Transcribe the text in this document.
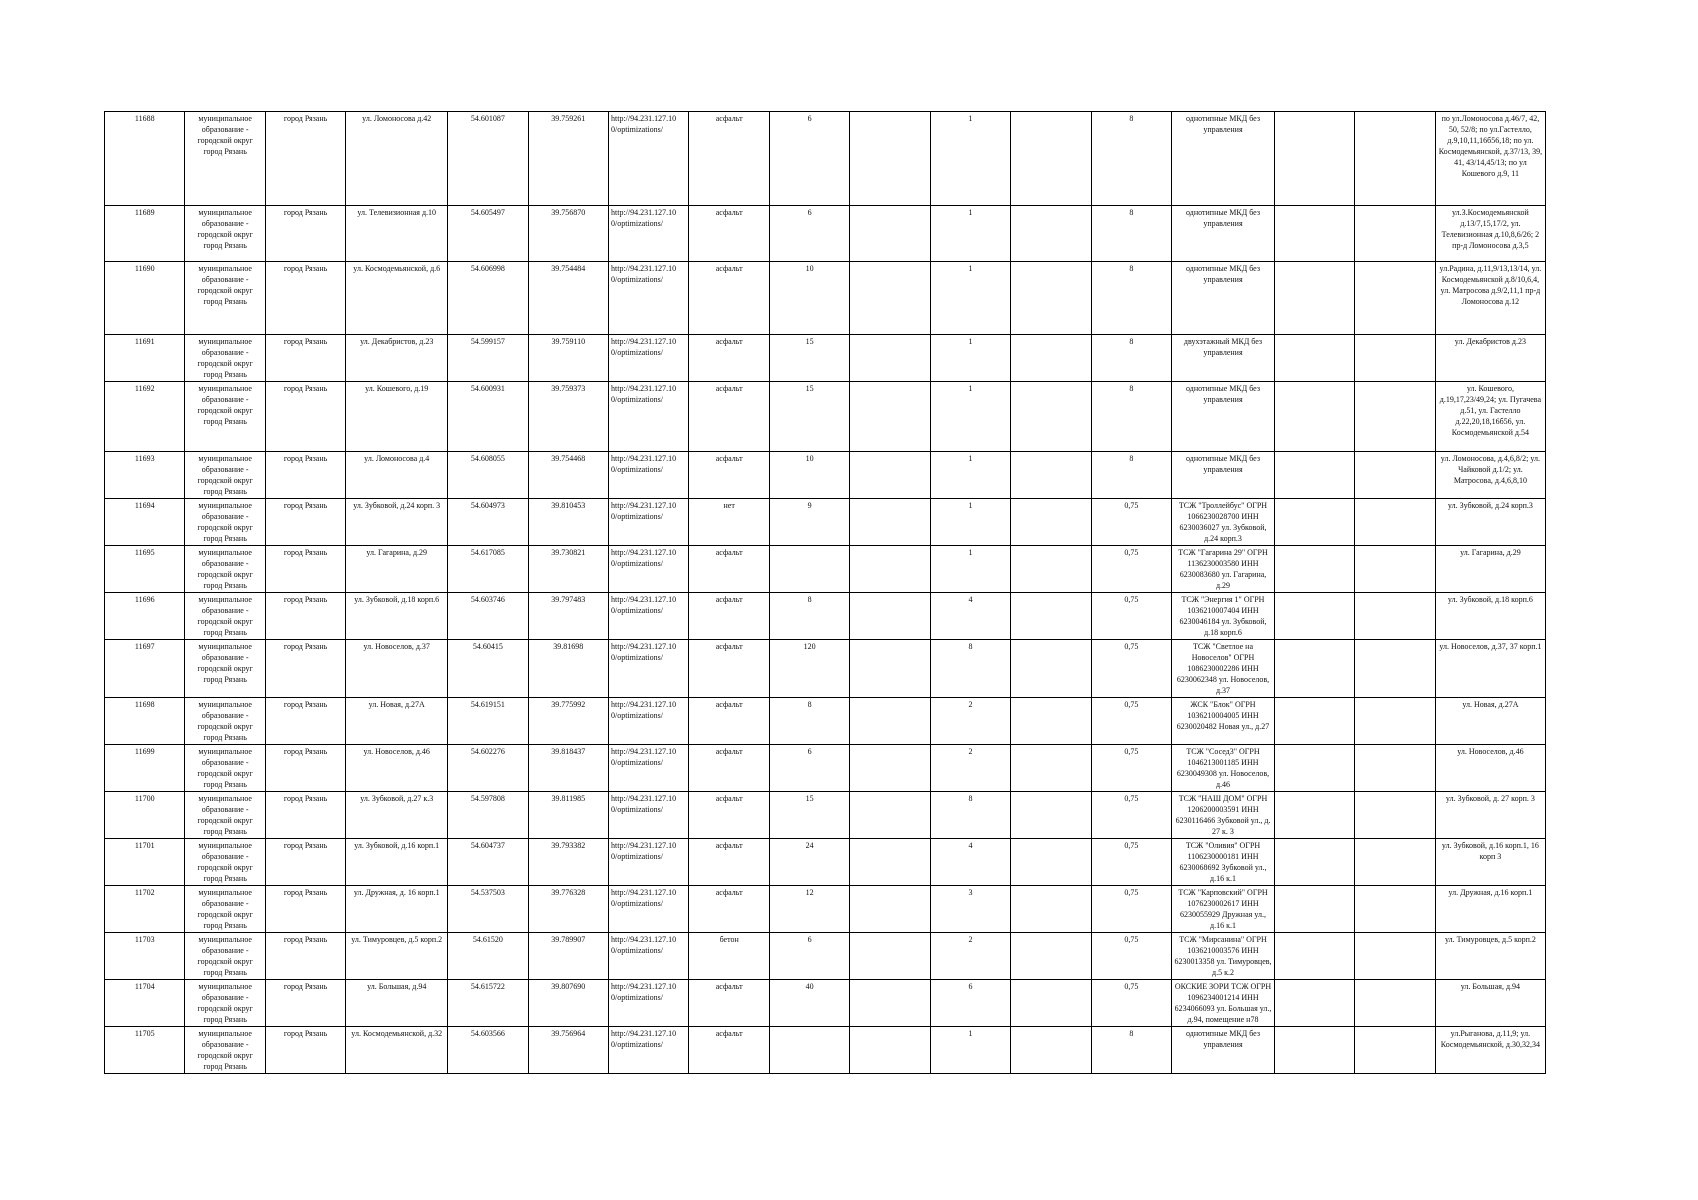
11688	муниципальное образование - городской округ город Рязань	город Рязань	ул. Ломоносова д.42	54.601087	39.759261	http://94.231.127.10 0/optimizations/	асфальт	6		1		8	однотипные МКД без управления			по ул.Ломоносова д.46/7, 42, 50, 52/8; по ул.Гастелло, д.9,10,11,16б56,18; по ул. Космодемьянской, д.37/13, 39, 41, 43/14,45/13; по ул Кошевого д.9, 11
11689	муниципальное образование - городской округ город Рязань	город Рязань	ул. Телевизионная д.10	54.605497	39.756870	http://94.231.127.10 0/optimizations/	асфальт	6		1		8	однотипные МКД без управления			ул.З.Космодемьянской д.13/7,15,17/2, ул. Телевизионная д.10,8,6/26; 2 пр-д Ломоносова д.3,5
11690	муниципальное образование - городской округ город Рязань	город Рязань	ул. Космодемьянской, д.6	54.606998	39.754484	http://94.231.127.10 0/optimizations/	асфальт	10		1		8	однотипные МКД без управления			ул.Радина, д.11,9/13,13/14, ул. Космодемьянской д.8/10,6,4, ул. Матросова д.9/2,11,1 пр-д Ломоносова д.12
11691	муниципальное образование - городской округ город Рязань	город Рязань	ул. Декабристов, д.23	54.599157	39.759110	http://94.231.127.10 0/optimizations/	асфальт	15		1		8	двухэтажный МКД без управления			ул. Декабристов д.23
11692	муниципальное образование - городской округ город Рязань	город Рязань	ул. Кошевого, д.19	54.600931	39.759373	http://94.231.127.10 0/optimizations/	асфальт	15		1		8	однотипные МКД без управления			ул. Кошевого, д.19,17,23/49,24; ул. Пугачева д.51, ул. Гастелло д.22,20,18,16б56, ул. Космодемьянской д.54
11693	муниципальное образование - городской округ город Рязань	город Рязань	ул. Ломоносова д.4	54.608055	39.754468	http://94.231.127.10 0/optimizations/	асфальт	10		1		8	однотипные МКД без управления			ул. Ломоносова, д.4,6,8/2; ул. Чайковой д.1/2; ул. Матросова, д.4,6,8,10
11694	муниципальное образование - городской округ город Рязань	город Рязань	ул. Зубковой, д.24 корп. 3	54.604973	39.810453	http://94.231.127.10 0/optimizations/	нет	9		1		0,75	ТСЖ "Троллейбус" ОГРН 1066230028700 ИНН 6230036027 ул. Зубковой, д.24 корп.3			ул. Зубковой, д.24 корп.3
11695	муниципальное образование - городской округ город Рязань	город Рязань	ул. Гагарина, д.29	54.617085	39.730821	http://94.231.127.10 0/optimizations/	асфальт			1		0,75	ТСЖ "Гагарина 29" ОГРН 1136230003580 ИНН 6230083680 ул. Гагарина, д.29			ул. Гагарина, д.29
11696	муниципальное образование - городской округ город Рязань	город Рязань	ул. Зубковой, д.18 корп.6	54.603746	39.797483	http://94.231.127.10 0/optimizations/	асфальт	8		4		0,75	ТСЖ "Энергия 1" ОГРН 1036210007404 ИНН 6230046184 ул. Зубковой, д.18 корп.6			ул. Зубковой, д.18 корп.6
11697	муниципальное образование - городской округ город Рязань	город Рязань	ул. Новоселов, д.37	54.60415	39.81698	http://94.231.127.10 0/optimizations/	асфальт	120		8		0,75	ТСЖ "Светлое на Новоселов" ОГРН 1086230002286 ИНН 6230062348 ул. Новоселов, д.37			ул. Новоселов, д.37, 37 корп.1
11698	муниципальное образование - городской округ город Рязань	город Рязань	ул. Новая, д.27А	54.619151	39.775992	http://94.231.127.10 0/optimizations/	асфальт	8		2		0,75	ЖСК "Блок" ОГРН 1036210004005 ИНН 6230020482 Новая ул., д.27			ул. Новая, д.27А
11699	муниципальное образование - городской округ город Рязань	город Рязань	ул. Новоселов, д.46	54.602276	39.818437	http://94.231.127.10 0/optimizations/	асфальт	6		2		0,75	ТСЖ "Сосед3" ОГРН 1046213001185 ИНН 6230049308 ул. Новоселов, д.46			ул. Новоселов, д.46
11700	муниципальное образование - городской округ город Рязань	город Рязань	ул. Зубковой, д.27 к.3	54.597808	39.811985	http://94.231.127.10 0/optimizations/	асфальт	15		8		0,75	ТСЖ "НАШ ДОМ" ОГРН 1206200003591 ИНН 6230116466 Зубковой ул., д. 27 к. 3			ул. Зубковой, д. 27 корп. 3
11701	муниципальное образование - городской округ город Рязань	город Рязань	ул. Зубковой, д.16 корп.1	54.604737	39.793382	http://94.231.127.10 0/optimizations/	асфальт	24		4		0,75	ТСЖ "Оливия" ОГРН 1106230000181 ИНН 6230068692 Зубковой ул., д.16 к.1			ул. Зубковой, д.16 корп.1, 16 корп 3
11702	муниципальное образование - городской округ город Рязань	город Рязань	ул. Дружная, д. 16 корп.1	54.537503	39.776328	http://94.231.127.10 0/optimizations/	асфальт	12		3		0,75	ТСЖ "Карповский" ОГРН 1076230002617 ИНН 6230055929 Дружная ул., д.16 к.1			ул. Дружная, д.16 корп.1
11703	муниципальное образование - городской округ город Рязань	город Рязань	ул. Тимуровцев, д.5 корп.2	54.61520	39.789907	http://94.231.127.10 0/optimizations/	бетон	6		2		0,75	ТСЖ "Мирсанина" ОГРН 1036210003576 ИНН 6230013358 ул. Тимуровцев, д.5 к.2			ул. Тимуровцев, д.5 корп.2
11704	муниципальное образование - городской округ город Рязань	город Рязань	ул. Большая, д.94	54.615722	39.807690	http://94.231.127.10 0/optimizations/	асфальт	40		6		0,75	ОКСКИЕ ЗОРИ ТСЖ ОГРН 1096234001214 ИНН 6234066093 ул. Большая ул., д.94, помещение н78			ул. Большая, д.94
11705	муниципальное образование - городской округ город Рязань	город Рязань	ул. Космодемьянской, д.32	54.603566	39.756964	http://94.231.127.10 0/optimizations/	асфальт			1		8	однотипные МКД без управления			ул.Рыганова, д.11,9; ул. Космодемьянской, д.30,32,34
